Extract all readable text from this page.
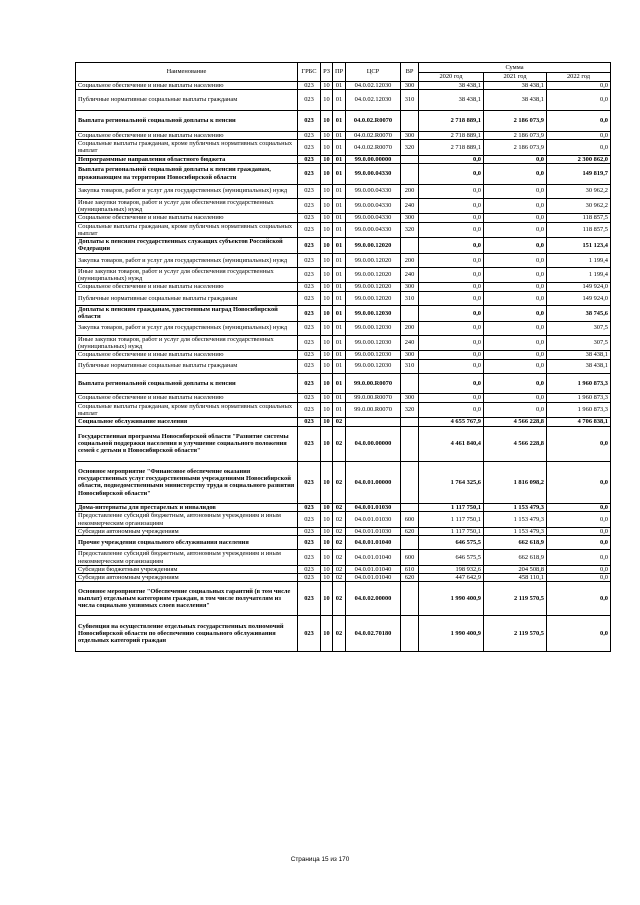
Наименование	ГРБС	РЗ	ПР	ЦСР	ВР	Сумма		
						2020 год	2021 год	2022 год
Социальное обеспечение и иные выплаты населению	023	10	01	04.0.02.12030	300	38 438,1	38 438,1	0,0
Публичные нормативные социальные выплаты гражданам	023	10	01	04.0.02.12030	310	38 438,1	38 438,1	0,0
Выплата региональной социальной доплаты к пенсии	023	10	01	04.0.02.R0070		2 718 889,1	2 186 073,9	0,0
Социальное обеспечение и иные выплаты населению	023	10	01	04.0.02.R0070	300	2 718 889,1	2 186 073,9	0,0
Социальные выплаты гражданам, кроме публичных нормативных социальных выплат	023	10	01	04.0.02.R0070	320	2 718 889,1	2 186 073,9	0,0
Непрограммные направления областного бюджета	023	10	01	99.0.00.00000		0,0	0,0	2 300 862,0
Выплата региональной социальной доплаты к пенсии гражданам, проживающим на территории Новосибирской области	023	10	01	99.0.00.04330		0,0	0,0	149 819,7
Закупка товаров, работ и услуг для государственных (муниципальных) нужд	023	10	01	99.0.00.04330	200	0,0	0,0	30 962,2
Иные закупки товаров, работ и услуг для обеспечения государственных (муниципальных) нужд	023	10	01	99.0.00.04330	240	0,0	0,0	30 962,2
Социальное обеспечение и иные выплаты населению	023	10	01	99.0.00.04330	300	0,0	0,0	118 857,5
Социальные выплаты гражданам, кроме публичных нормативных социальных выплат	023	10	01	99.0.00.04330	320	0,0	0,0	118 857,5
Доплаты к пенсиям государственных служащих субъектов Российской Федерации	023	10	01	99.0.00.12020		0,0	0,0	151 123,4
Закупка товаров, работ и услуг для государственных (муниципальных) нужд	023	10	01	99.0.00.12020	200	0,0	0,0	1 199,4
Иные закупки товаров, работ и услуг для обеспечения государственных (муниципальных) нужд	023	10	01	99.0.00.12020	240	0,0	0,0	1 199,4
Социальное обеспечение и иные выплаты населению	023	10	01	99.0.00.12020	300	0,0	0,0	149 924,0
Публичные нормативные социальные выплаты гражданам	023	10	01	99.0.00.12020	310	0,0	0,0	149 924,0
Доплаты к пенсиям гражданам, удостоенным наград Новосибирской области	023	10	01	99.0.00.12030		0,0	0,0	38 745,6
Закупка товаров, работ и услуг для государственных (муниципальных) нужд	023	10	01	99.0.00.12030	200	0,0	0,0	307,5
Иные закупки товаров, работ и услуг для обеспечения государственных (муниципальных) нужд	023	10	01	99.0.00.12030	240	0,0	0,0	307,5
Социальное обеспечение и иные выплаты населению	023	10	01	99.0.00.12030	300	0,0	0,0	38 438,1
Публичные нормативные социальные выплаты гражданам	023	10	01	99.0.00.12030	310	0,0	0,0	38 438,1
Выплата региональной социальной доплаты к пенсии	023	10	01	99.0.00.R0070		0,0	0,0	1 960 873,3
Социальное обеспечение и иные выплаты населению	023	10	01	99.0.00.R0070	300	0,0	0,0	1 960 873,3
Социальные выплаты гражданам, кроме публичных нормативных социальных выплат	023	10	01	99.0.00.R0070	320	0,0	0,0	1 960 873,3
Социальное обслуживание населения	023	10	02			4 655 767,9	4 566 228,8	4 706 838,1
Государственная программа Новосибирской области "Развитие системы социальной поддержки населения и улучшение социального положения семей с детьми в Новосибирской области"	023	10	02	04.0.00.00000		4 461 840,4	4 566 228,8	0,0
Основное мероприятие "Финансовое обеспечение оказания государственных услуг государственными учреждениями Новосибирской области, подведомственными министерству труда и социального развития Новосибирской области"	023	10	02	04.0.01.00000		1 764 325,6	1 816 098,2	0,0
Дома-интернаты для престарелых и инвалидов	023	10	02	04.0.01.01030		1 117 750,1	1 153 479,3	0,0
Предоставление субсидий бюджетным, автономным учреждениям и иным некоммерческим организациям	023	10	02	04.0.01.01030	600	1 117 750,1	1 153 479,3	0,0
Субсидии автономным учреждениям	023	10	02	04.0.01.01030	620	1 117 750,1	1 153 479,3	0,0
Прочие учреждения социального обслуживания населения	023	10	02	04.0.01.01040		646 575,5	662 618,9	0,0
Предоставление субсидий бюджетным, автономным учреждениям и иным некоммерческим организациям	023	10	02	04.0.01.01040	600	646 575,5	662 618,9	0,0
Субсидии бюджетным учреждениям	023	10	02	04.0.01.01040	610	198 932,6	204 508,8	0,0
Субсидии автономным учреждениям	023	10	02	04.0.01.01040	620	447 642,9	458 110,1	0,0
Основное мероприятие "Обеспечение социальных гарантий (в том числе выплат) отдельным категориям граждан, в том числе получателям из числа социально уязвимых слоев населения"	023	10	02	04.0.02.00000		1 990 400,9	2 119 570,5	0,0
Субвенция на осуществление отдельных государственных полномочий Новосибирской области по обеспечению социального обслуживания отдельных категорий граждан	023	10	02	04.0.02.70180		1 990 400,9	2 119 570,5	0,0
Страница 15 из 170
